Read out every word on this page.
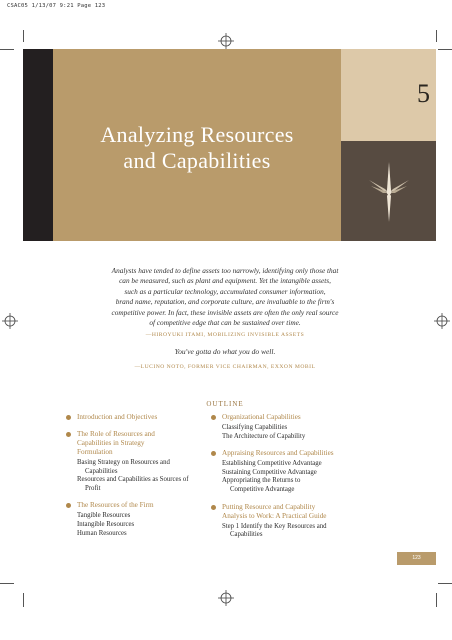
CSAC05 1/13/07 9:21 Page 123
5
Analyzing Resources
and Capabilities
Analysts have tended to define assets too narrowly, identifying only those that
can be measured, such as plant and equipment. Yet the intangible assets,
such as a particular technology, accumulated consumer information,
brand name, reputation, and corporate culture, are invaluable to the firm's
competitive power. In fact, these invisible assets are often the only real source
of competitive edge that can be sustained over time.
—HIROYUKI ITAMI, MOBILIZING INVISIBLE ASSETS
You've gotta do what you do well.
—LUCINO NOTO, FORMER VICE CHAIRMAN, EXXON MOBIL
OUTLINE
Introduction and Objectives
The Role of Resources and
Capabilities in Strategy
Formulation
Basing Strategy on Resources and
Capabilities
Resources and Capabilities as Sources of
Profit
The Resources of the Firm
Tangible Resources
Intangible Resources
Human Resources
Organizational Capabilities
Classifying Capabilities
The Architecture of Capability
Appraising Resources and Capabilities
Establishing Competitive Advantage
Sustaining Competitive Advantage
Appropriating the Returns to
Competitive Advantage
Putting Resource and Capability
Analysis to Work: A Practical Guide
Step 1 Identify the Key Resources and
Capabilities
123
